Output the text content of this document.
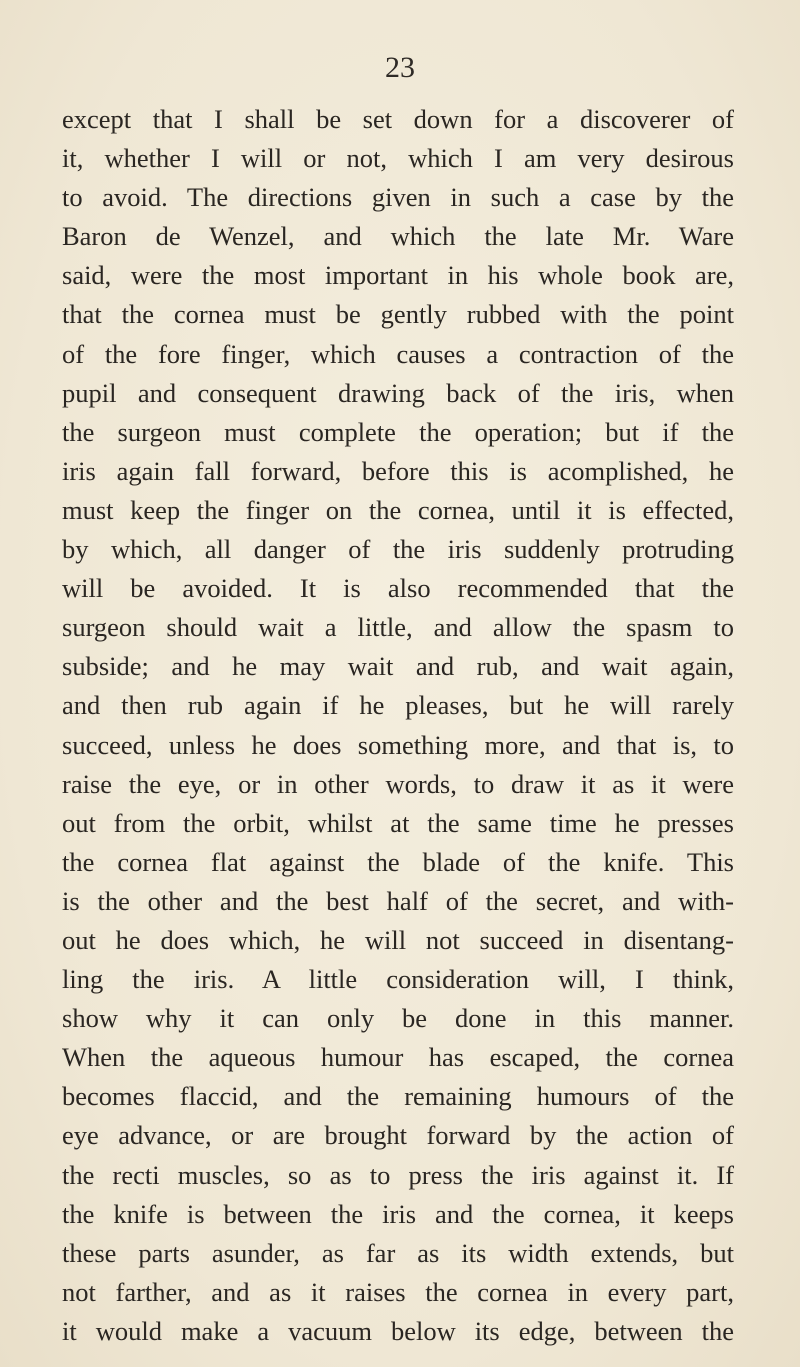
23
except that I shall be set down for a discoverer of
it, whether I will or not, which I am very desirous
to avoid. The directions given in such a case by the
Baron de Wenzel, and which the late Mr. Ware
said, were the most important in his whole book are,
that the cornea must be gently rubbed with the point
of the fore finger, which causes a contraction of the
pupil and consequent drawing back of the iris, when
the surgeon must complete the operation; but if the
iris again fall forward, before this is acomplished, he
must keep the finger on the cornea, until it is effected,
by which, all danger of the iris suddenly protruding
will be avoided. It is also recommended that the
surgeon should wait a little, and allow the spasm to
subside; and he may wait and rub, and wait again,
and then rub again if he pleases, but he will rarely
succeed, unless he does something more, and that is, to
raise the eye, or in other words, to draw it as it were
out from the orbit, whilst at the same time he presses
the cornea flat against the blade of the knife. This
is the other and the best half of the secret, and with-
out he does which, he will not succeed in disentang-
ling the iris. A little consideration will, I think,
show why it can only be done in this manner.
When the aqueous humour has escaped, the cornea
becomes flaccid, and the remaining humours of the
eye advance, or are brought forward by the action of
the recti muscles, so as to press the iris against it. If
the knife is between the iris and the cornea, it keeps
these parts asunder, as far as its width extends, but
not farther, and as it raises the cornea in every part,
it would make a vacuum below its edge, between the
